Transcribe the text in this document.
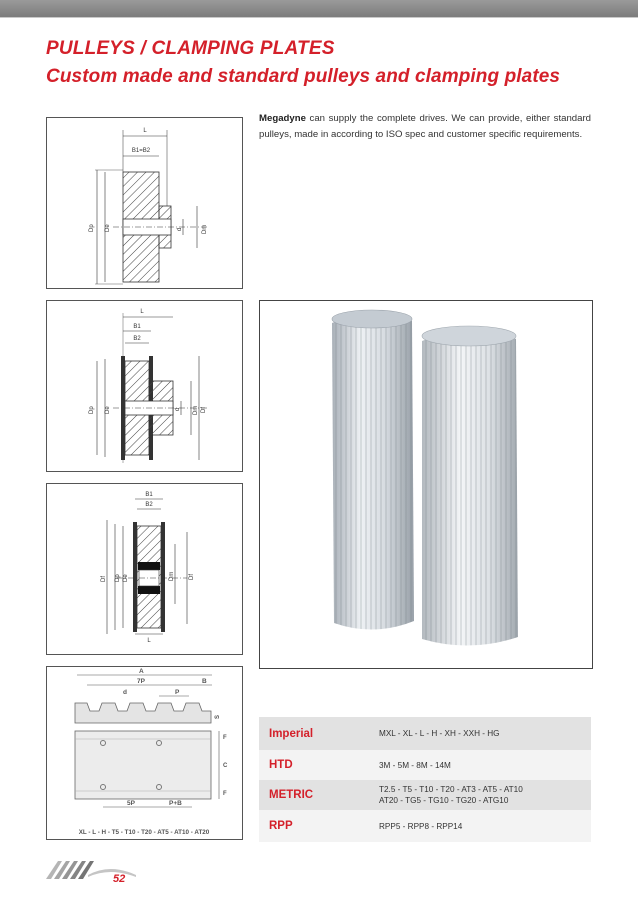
PULLEYS / CLAMPING PLATES
Custom made and standard pulleys and clamping plates
L
B1=B2
Dp De	d	Dm
L
B1
B2
Dp De	d Dm Df
B1
B2
L
Df Dp De	Dm Df
A
7P	B
d	P
S
F
C
F
5P	P+B
XL - L - H - T5 - T10 - T20 - AT5 - AT10 - AT20
Megadyne can supply the complete drives. We can provide, either standard pulleys, made in according to ISO spec and customer specific requirements.
Imperial	MXL - XL - L - H - XH - XXH - HG
HTD	3M - 5M - 8M - 14M
METRIC	T2.5 - T5 - T10 - T20 - AT3 - AT5 - AT10
AT20 - TG5 - TG10 - TG20 - ATG10

RPP	RPP5 - RPP8 - RPP14
52
